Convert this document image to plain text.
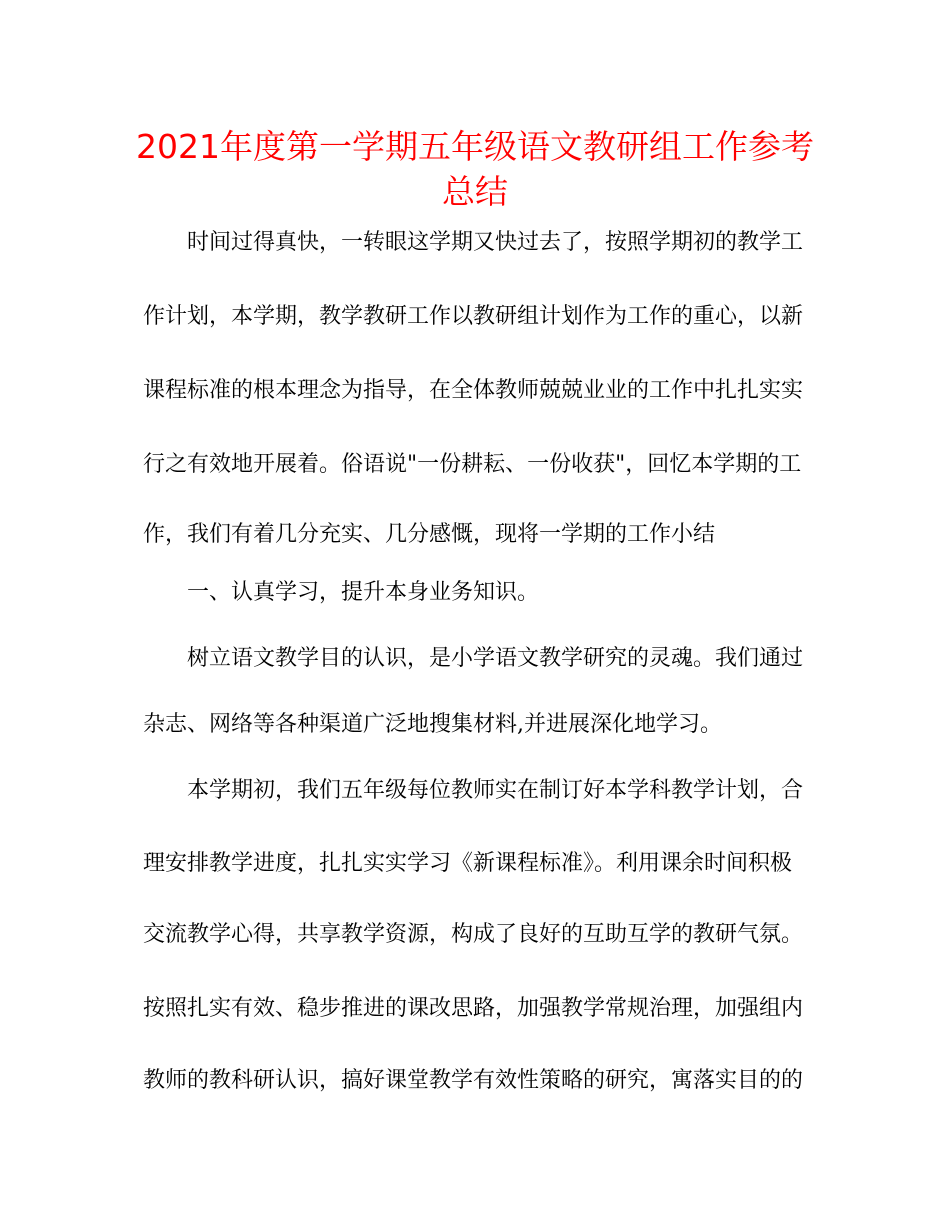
2021年度第一学期五年级语文教研组工作参考
总结
时间过得真快，一转眼这学期又快过去了，按照学期初的教学工
作计划，本学期，教学教研工作以教研组计划作为工作的重心，以新
课程标准的根本理念为指导，在全体教师兢兢业业的工作中扎扎实实
行之有效地开展着。俗语说"一份耕耘、一份收获"，回忆本学期的工
作，我们有着几分充实、几分感慨，现将一学期的工作小结
一、认真学习，提升本身业务知识。
树立语文教学目的认识，是小学语文教学研究的灵魂。我们通过
杂志、网络等各种渠道广泛地搜集材料,并进展深化地学习。
本学期初，我们五年级每位教师实在制订好本学科教学计划，合
理安排教学进度，扎扎实实学习《新课程标准》。利用课余时间积极
交流教学心得，共享教学资源，构成了良好的互助互学的教研气氛。
按照扎实有效、稳步推进的课改思路，加强教学常规治理，加强组内
教师的教科研认识，搞好课堂教学有效性策略的研究，寓落实目的的
